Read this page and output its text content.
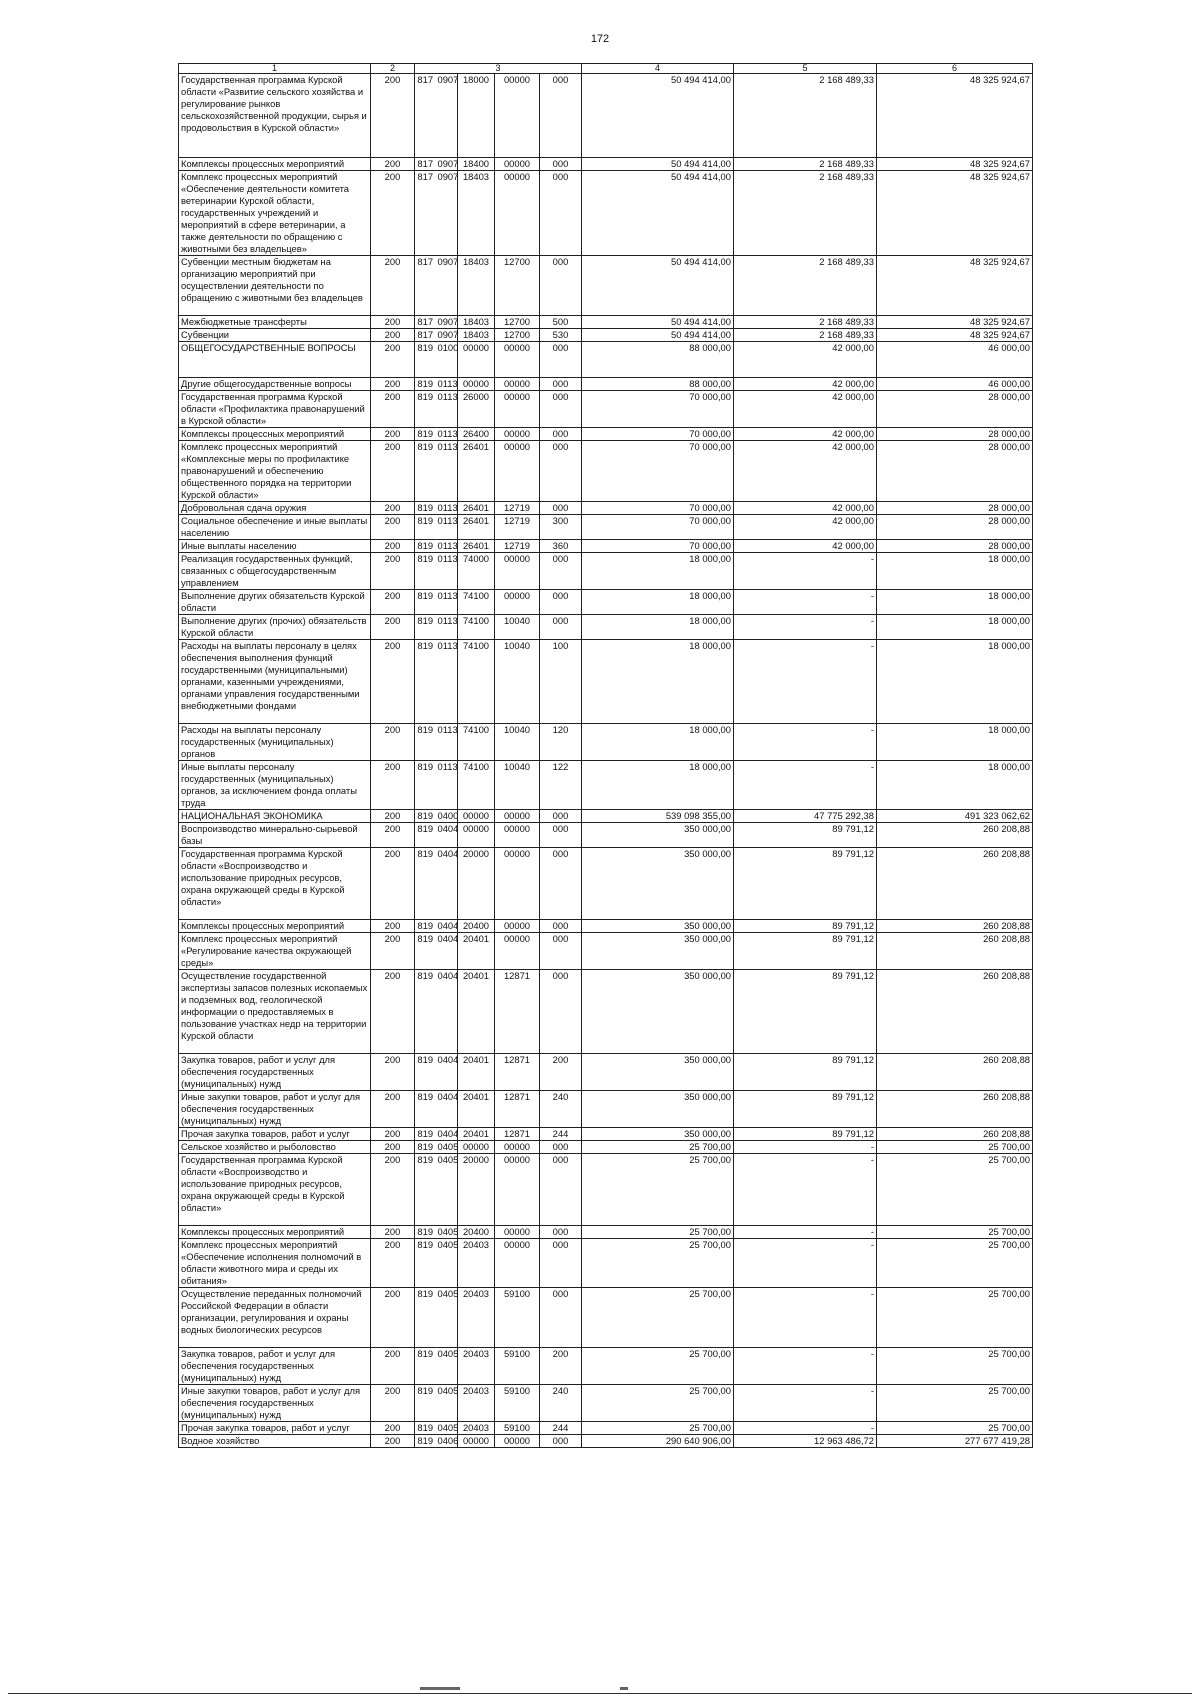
172
1	2	3					4	5	6
Государственная программа Курской области «Развитие сельского хозяйства и регулирование рынков сельскохозяйственной продукции, сырья и продовольствия в Курской области»	200	817	0907	18000	00000	000	50 494 414,00	2 168 489,33	48 325 924,67
Комплексы процессных мероприятий	200	817	0907	18400	00000	000	50 494 414,00	2 168 489,33	48 325 924,67
Комплекс процессных мероприятий «Обеспечение деятельности комитета ветеринарии Курской области, государственных учреждений и мероприятий в сфере ветеринарии, а также деятельности по обращению с животными без владельцев»	200	817	0907	18403	00000	000	50 494 414,00	2 168 489,33	48 325 924,67
Субвенции местным бюджетам на организацию мероприятий при осуществлении деятельности по обращению с животными без владельцев	200	817	0907	18403	12700	000	50 494 414,00	2 168 489,33	48 325 924,67
Межбюджетные трансферты	200	817	0907	18403	12700	500	50 494 414,00	2 168 489,33	48 325 924,67
Субвенции	200	817	0907	18403	12700	530	50 494 414,00	2 168 489,33	48 325 924,67
ОБЩЕГОСУДАРСТВЕННЫЕ ВОПРОСЫ	200	819	0100	00000	00000	000	88 000,00	42 000,00	46 000,00
Другие общегосударственные вопросы	200	819	0113	00000	00000	000	88 000,00	42 000,00	46 000,00
Государственная программа Курской области «Профилактика правонарушений в Курской области»	200	819	0113	26000	00000	000	70 000,00	42 000,00	28 000,00
Комплексы процессных мероприятий	200	819	0113	26400	00000	000	70 000,00	42 000,00	28 000,00
Комплекс процессных мероприятий «Комплексные меры по профилактике правонарушений и обеспечению общественного порядка на территории Курской области»	200	819	0113	26401	00000	000	70 000,00	42 000,00	28 000,00
Добровольная сдача оружия	200	819	0113	26401	12719	000	70 000,00	42 000,00	28 000,00
Социальное обеспечение и иные выплаты населению	200	819	0113	26401	12719	300	70 000,00	42 000,00	28 000,00
Иные выплаты населению	200	819	0113	26401	12719	360	70 000,00	42 000,00	28 000,00
Реализация государственных функций, связанных с общегосударственным управлением	200	819	0113	74000	00000	000	18 000,00	-	18 000,00
Выполнение других обязательств Курской области	200	819	0113	74100	00000	000	18 000,00	-	18 000,00
Выполнение других (прочих) обязательств Курской области	200	819	0113	74100	10040	000	18 000,00	-	18 000,00
Расходы на выплаты персоналу в целях обеспечения выполнения функций государственными (муниципальными) органами, казенными учреждениями, органами управления государственными внебюджетными фондами	200	819	0113	74100	10040	100	18 000,00	-	18 000,00
Расходы на выплаты персоналу государственных (муниципальных) органов	200	819	0113	74100	10040	120	18 000,00	-	18 000,00
Иные выплаты персоналу государственных (муниципальных) органов, за исключением фонда оплаты труда	200	819	0113	74100	10040	122	18 000,00	-	18 000,00
НАЦИОНАЛЬНАЯ ЭКОНОМИКА	200	819	0400	00000	00000	000	539 098 355,00	47 775 292,38	491 323 062,62
Воспроизводство минерально-сырьевой базы	200	819	0404	00000	00000	000	350 000,00	89 791,12	260 208,88
Государственная программа Курской области «Воспроизводство и использование природных ресурсов, охрана окружающей среды в Курской области»	200	819	0404	20000	00000	000	350 000,00	89 791,12	260 208,88
Комплексы процессных мероприятий	200	819	0404	20400	00000	000	350 000,00	89 791,12	260 208,88
Комплекс процессных мероприятий «Регулирование качества окружающей среды»	200	819	0404	20401	00000	000	350 000,00	89 791,12	260 208,88
Осуществление государственной экспертизы запасов полезных ископаемых и подземных вод, геологической информации о предоставляемых в пользование участках недр на территории Курской области	200	819	0404	20401	12871	000	350 000,00	89 791,12	260 208,88
Закупка товаров, работ и услуг для обеспечения государственных (муниципальных) нужд	200	819	0404	20401	12871	200	350 000,00	89 791,12	260 208,88
Иные закупки товаров, работ и услуг для обеспечения государственных (муниципальных) нужд	200	819	0404	20401	12871	240	350 000,00	89 791,12	260 208,88
Прочая закупка товаров, работ и услуг	200	819	0404	20401	12871	244	350 000,00	89 791,12	260 208,88
Сельское хозяйство и рыболовство	200	819	0405	00000	00000	000	25 700,00	-	25 700,00
Государственная программа Курской области «Воспроизводство и использование природных ресурсов, охрана окружающей среды в Курской области»	200	819	0405	20000	00000	000	25 700,00	-	25 700,00
Комплексы процессных мероприятий	200	819	0405	20400	00000	000	25 700,00	-	25 700,00
Комплекс процессных мероприятий «Обеспечение исполнения полномочий в области животного мира и среды их обитания»	200	819	0405	20403	00000	000	25 700,00	-	25 700,00
Осуществление переданных полномочий Российской Федерации в области организации, регулирования и охраны водных биологических ресурсов	200	819	0405	20403	59100	000	25 700,00	-	25 700,00
Закупка товаров, работ и услуг для обеспечения государственных (муниципальных) нужд	200	819	0405	20403	59100	200	25 700,00	-	25 700,00
Иные закупки товаров, работ и услуг для обеспечения государственных (муниципальных) нужд	200	819	0405	20403	59100	240	25 700,00	-	25 700,00
Прочая закупка товаров, работ и услуг	200	819	0405	20403	59100	244	25 700,00	-	25 700,00
Водное хозяйство	200	819	0406	00000	00000	000	290 640 906,00	12 963 486,72	277 677 419,28
